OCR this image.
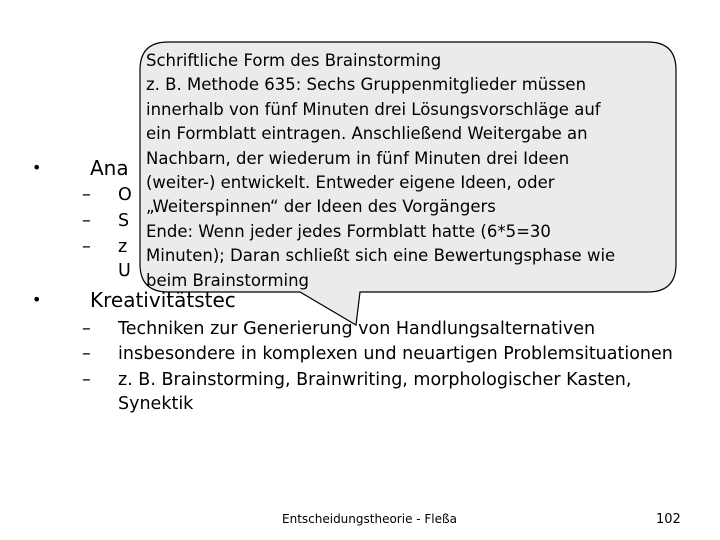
• Ana
– O
– S
– z
U
• Kreativitätstec
– Techniken zur Generierung von Handlungsalternativen
– insbesondere in komplexen und neuartigen Problemsituationen
– z. B. Brainstorming, Brainwriting, morphologischer Kasten,
Synektik
Schriftliche Form des Brainstorming
z. B. Methode 635: Sechs Gruppenmitglieder müssen
innerhalb von fünf Minuten drei Lösungsvorschläge auf
ein Formblatt eintragen. Anschließend Weitergabe an
Nachbarn, der wiederum in fünf Minuten drei Ideen
(weiter-) entwickelt. Entweder eigene Ideen, oder
„Weiterspinnen“ der Ideen des Vorgängers
Ende: Wenn jeder jedes Formblatt hatte (6*5=30
Minuten); Daran schließt sich eine Bewertungsphase wie
beim Brainstorming
Entscheidungstheorie - Fleßa	102
